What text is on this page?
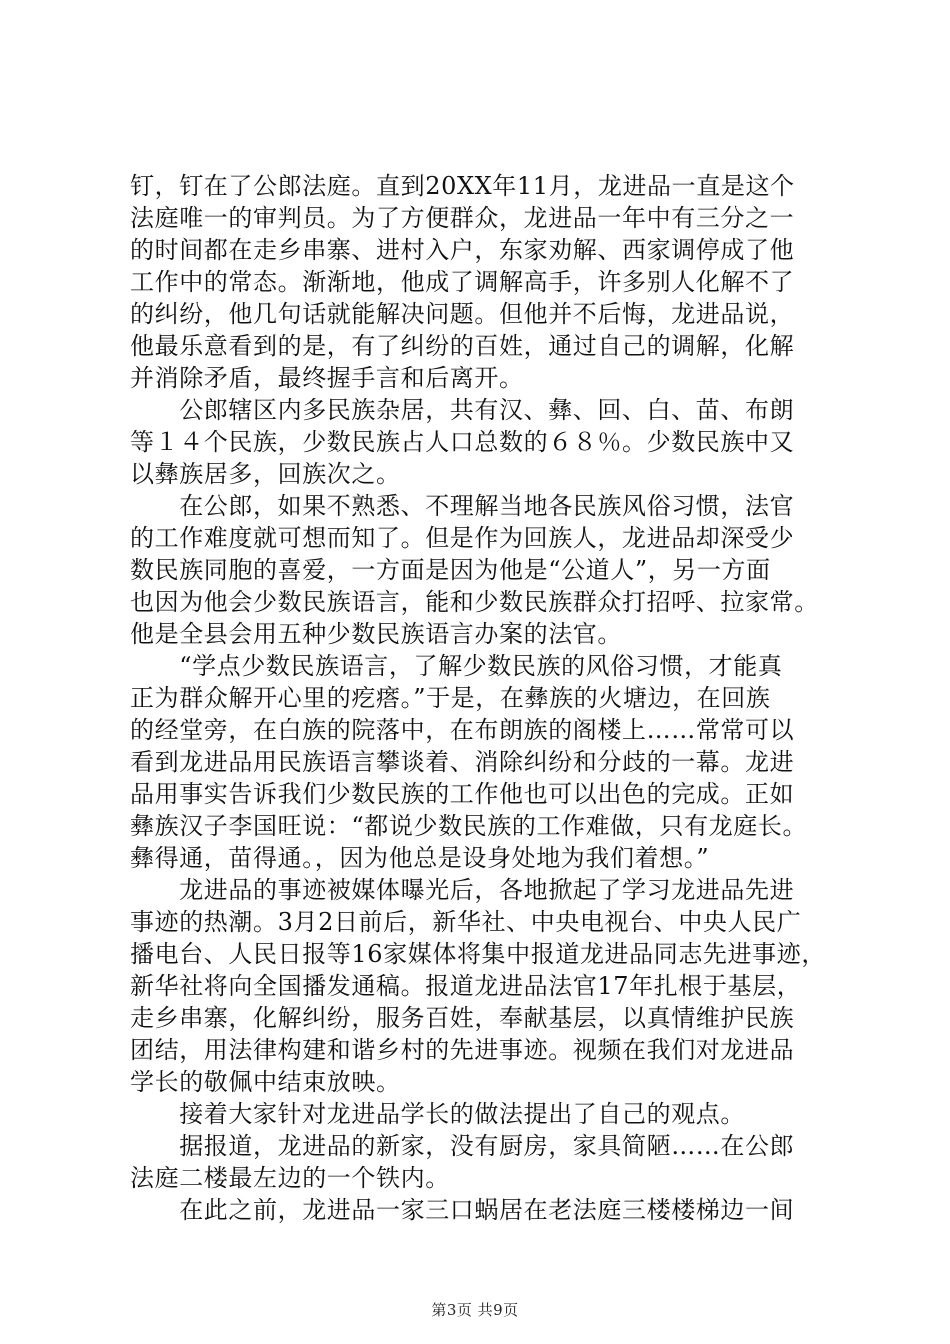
钉，钉在了公郎法庭。直到20XX年11月，龙进品一直是这个
法庭唯一的审判员。为了方便群众，龙进品一年中有三分之一
的时间都在走乡串寨、进村入户，东家劝解、西家调停成了他
工作中的常态。渐渐地，他成了调解高手，许多别人化解不了
的纠纷，他几句话就能解决问题。但他并不后悔，龙进品说，
他最乐意看到的是，有了纠纷的百姓，通过自己的调解，化解
并消除矛盾，最终握手言和后离开。
　　公郎辖区内多民族杂居，共有汉、彝、回、白、苗、布朗
等１４个民族，少数民族占人口总数的６８％。少数民族中又
以彝族居多，回族次之。
　　在公郎，如果不熟悉、不理解当地各民族风俗习惯，法官
的工作难度就可想而知了。但是作为回族人，龙进品却深受少
数民族同胞的喜爱，一方面是因为他是“公道人”，另一方面
也因为他会少数民族语言，能和少数民族群众打招呼、拉家常。
他是全县会用五种少数民族语言办案的法官。
　　“学点少数民族语言，了解少数民族的风俗习惯，才能真
正为群众解开心里的疙瘩。”于是，在彝族的火塘边，在回族
的经堂旁，在白族的院落中，在布朗族的阁楼上……常常可以
看到龙进品用民族语言攀谈着、消除纠纷和分歧的一幕。龙进
品用事实告诉我们少数民族的工作他也可以出色的完成。正如
彝族汉子李国旺说：“都说少数民族的工作难做，只有龙庭长。
彝得通，苗得通。，因为他总是设身处地为我们着想。”
　　龙进品的事迹被媒体曝光后，各地掀起了学习龙进品先进
事迹的热潮。3月2日前后，新华社、中央电视台、中央人民广
播电台、人民日报等16家媒体将集中报道龙进品同志先进事迹，
新华社将向全国播发通稿。报道龙进品法官17年扎根于基层，
走乡串寨，化解纠纷，服务百姓，奉献基层，以真情维护民族
团结，用法律构建和谐乡村的先进事迹。视频在我们对龙进品
学长的敬佩中结束放映。
　　接着大家针对龙进品学长的做法提出了自己的观点。
　　据报道，龙进品的新家，没有厨房，家具简陋……在公郎
法庭二楼最左边的一个铁内。
　　在此之前，龙进品一家三口蜗居在老法庭三楼楼梯边一间
第3页 共9页
